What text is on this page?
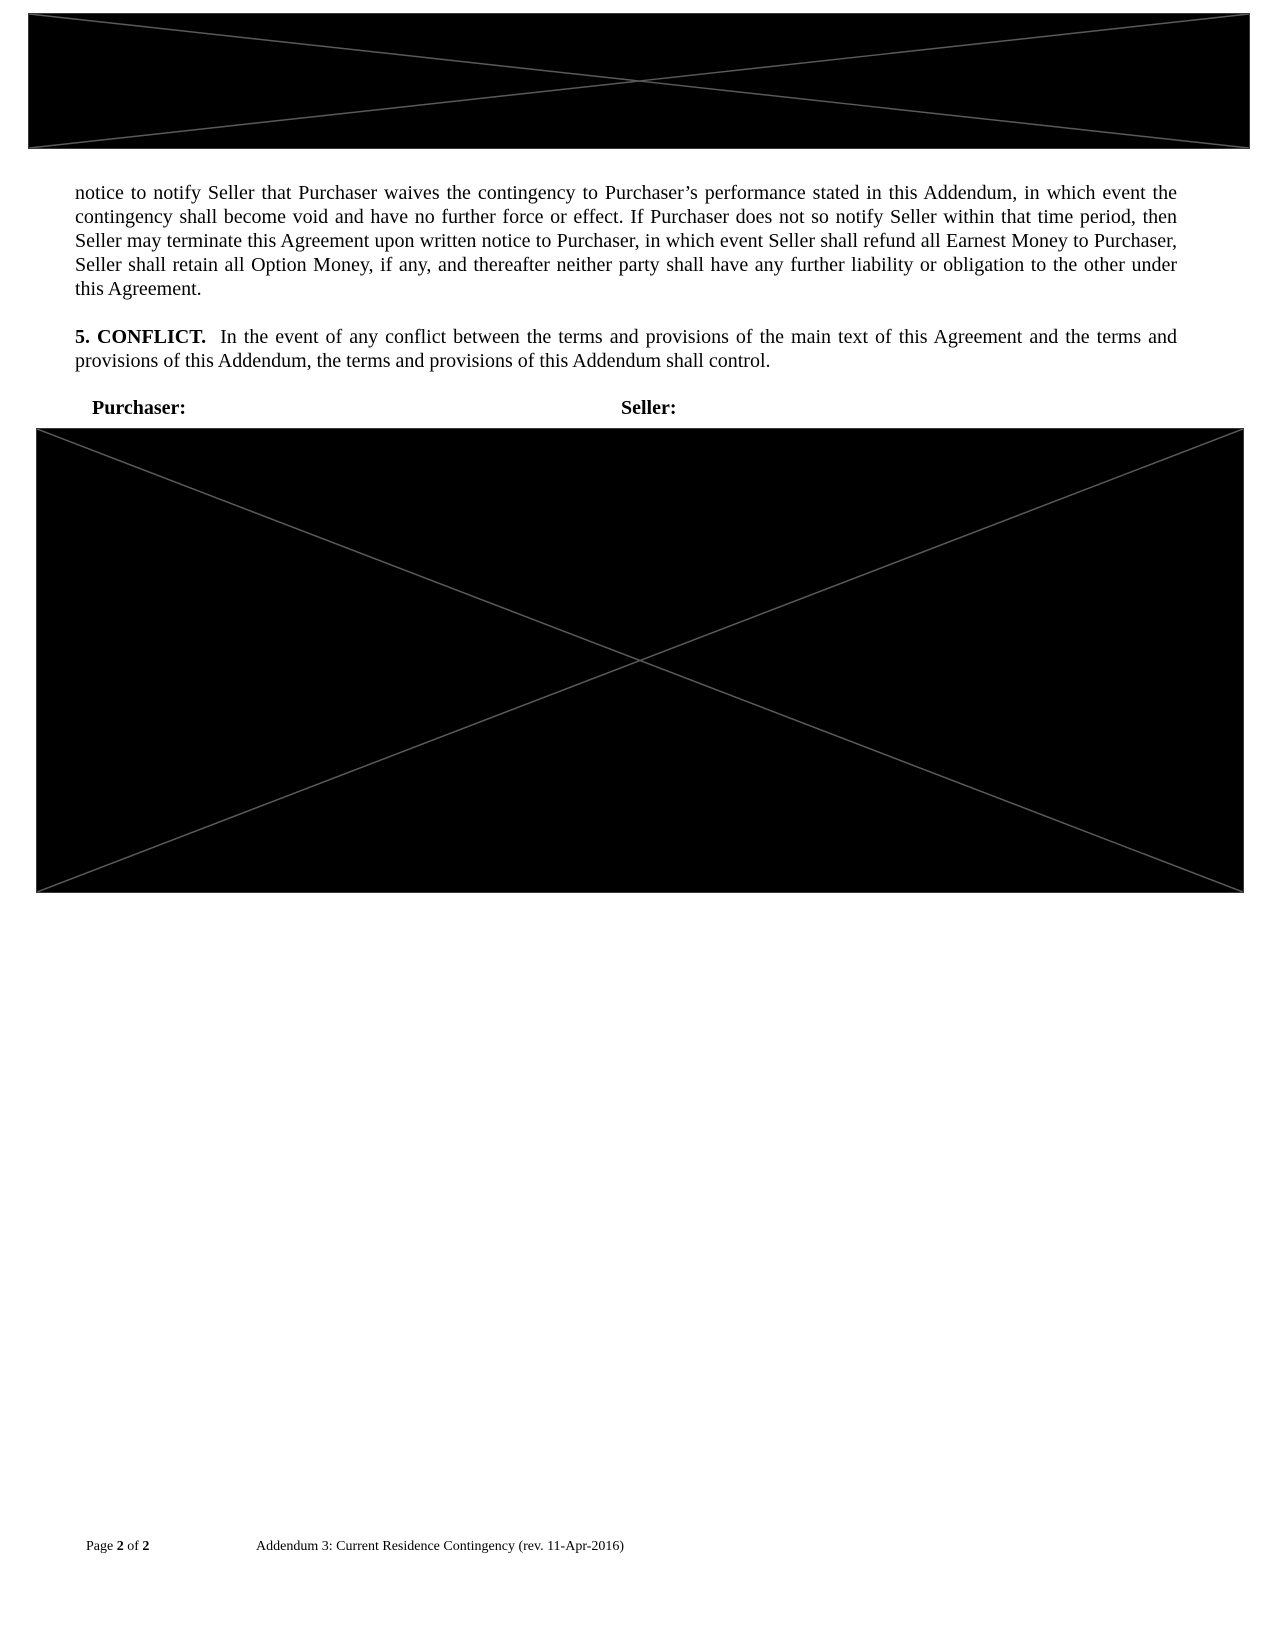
notice to notify Seller that Purchaser waives the contingency to Purchaser’s performance stated in this Addendum, in which event the contingency shall become void and have no further force or effect. If Purchaser does not so notify Seller within that time period, then Seller may terminate this Agreement upon written notice to Purchaser, in which event Seller shall refund all Earnest Money to Purchaser, Seller shall retain all Option Money, if any, and thereafter neither party shall have any further liability or obligation to the other under this Agreement.

5. CONFLICT. In the event of any conflict between the terms and provisions of the main text of this Agreement and the terms and provisions of this Addendum, the terms and provisions of this Addendum shall control.

Purchaser:	Seller:
Page 2 of 2	Addendum 3: Current Residence Contingency (rev. 11-Apr-2016)
